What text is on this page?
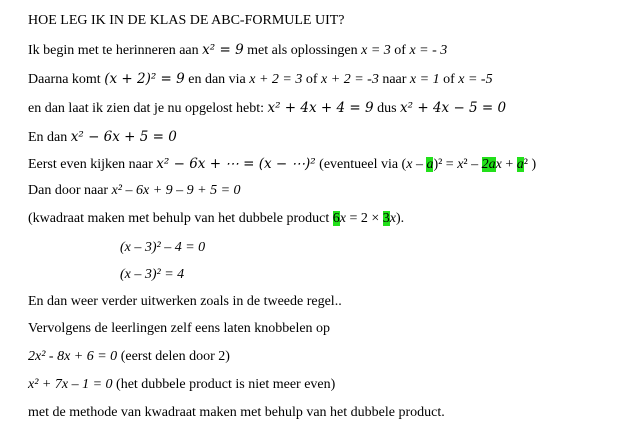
HOE LEG IK IN DE KLAS DE ABC-FORMULE UIT?
Ik begin met te herinneren aan x² = 9 met als oplossingen x = 3 of x = - 3
Daarna komt (x + 2)² = 9 en dan via x + 2 = 3 of x + 2 = -3 naar x = 1 of x = -5
en dan laat ik zien dat je nu opgelost hebt: x² + 4x + 4 = 9 dus x² + 4x − 5 = 0
En dan x² − 6x + 5 = 0
Eerst even kijken naar x² − 6x + ⋯ = (x − ⋯)² (eventueel via (x – a)² = x² – 2ax + a² )
Dan door naar x² – 6x + 9 – 9 + 5 = 0
(kwadraat maken met behulp van het dubbele product 6x = 2 × 3x).
(x – 3)² – 4 = 0
(x – 3)² = 4
En dan weer verder uitwerken zoals in de tweede regel..
Vervolgens de leerlingen zelf eens laten knobbelen op
2x² - 8x + 6 = 0 (eerst delen door 2)
x² + 7x – 1 = 0 (het dubbele product is niet meer even)
met de methode van kwadraat maken met behulp van het dubbele product.
